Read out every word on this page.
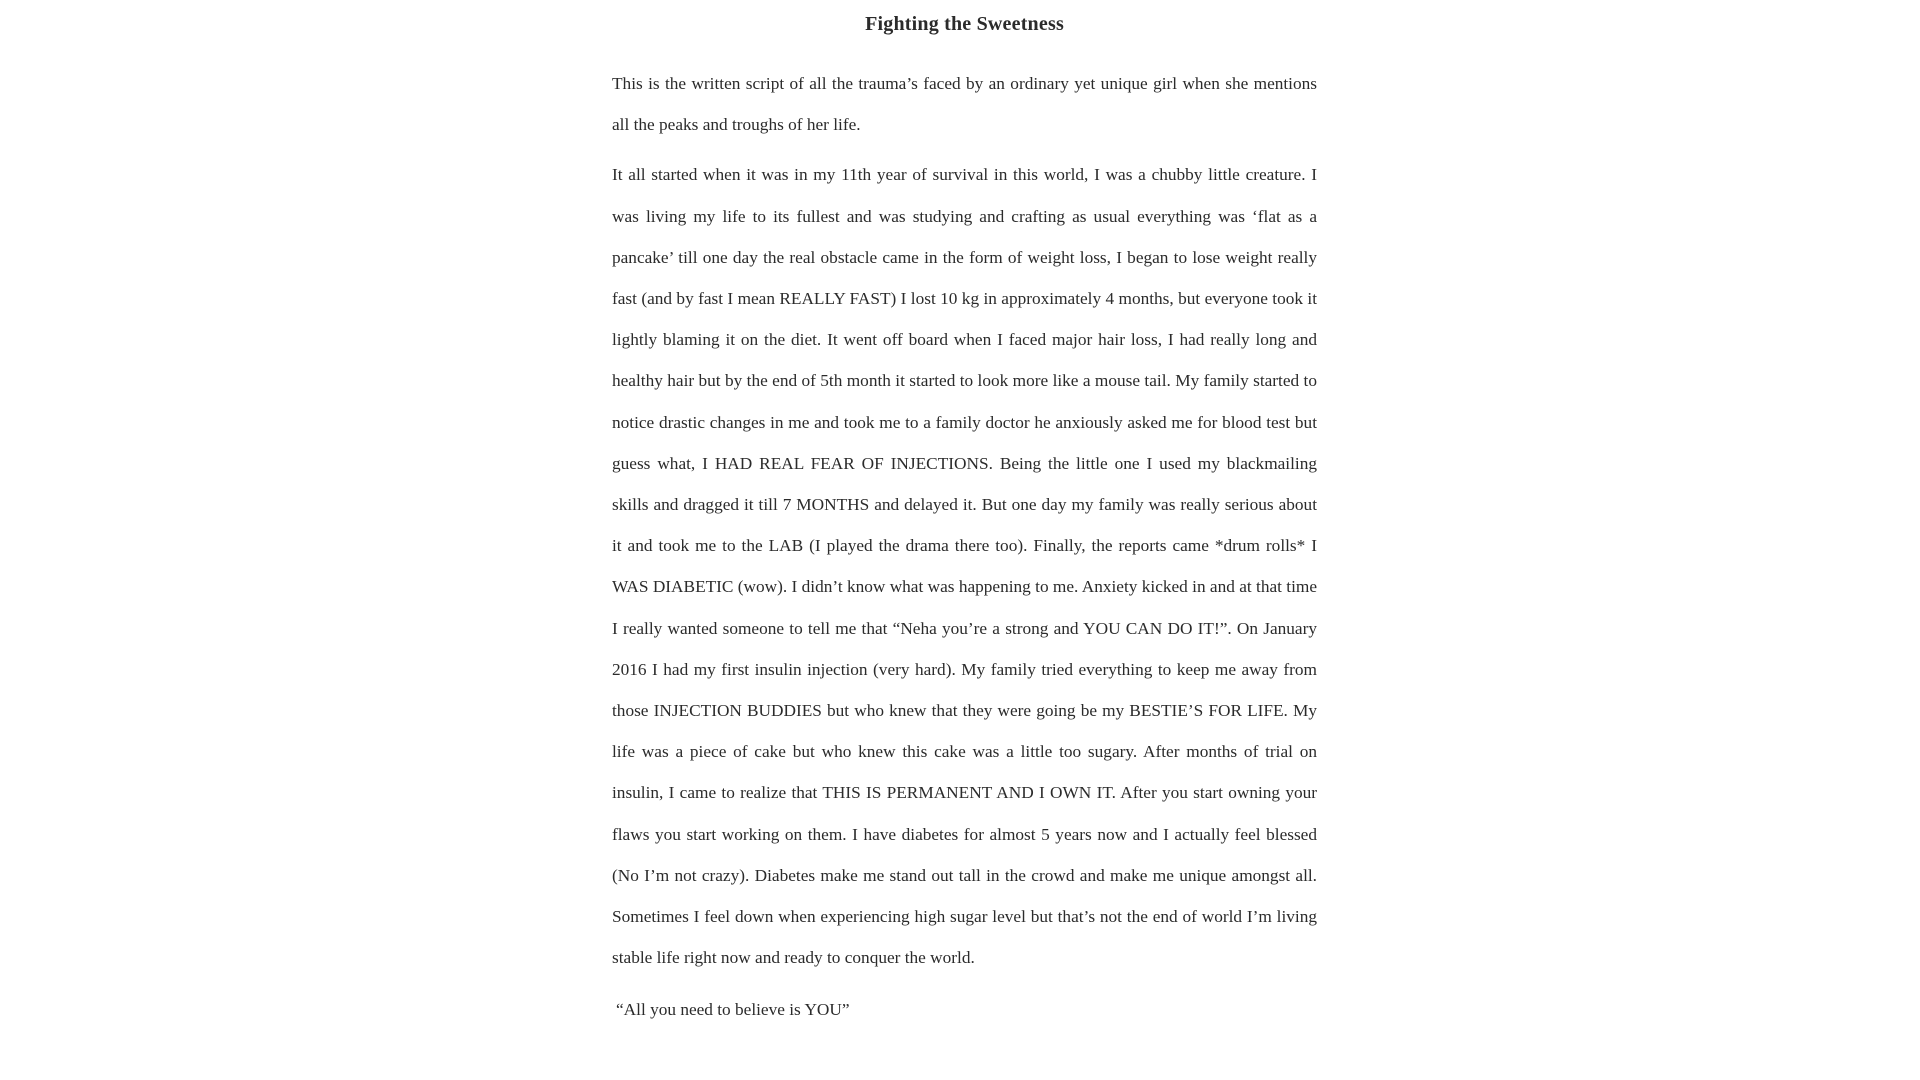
Fighting the Sweetness

This is the written script of all the trauma’s faced by an ordinary yet unique girl when she mentions all the peaks and troughs of her life.

It all started when it was in my 11th year of survival in this world, I was a chubby little creature. I was living my life to its fullest and was studying and crafting as usual everything was ‘flat as a pancake’ till one day the real obstacle came in the form of weight loss, I began to lose weight really fast (and by fast I mean REALLY FAST) I lost 10 kg in approximately 4 months, but everyone took it lightly blaming it on the diet. It went off board when I faced major hair loss, I had really long and healthy hair but by the end of 5th month it started to look more like a mouse tail. My family started to notice drastic changes in me and took me to a family doctor he anxiously asked me for blood test but guess what, I HAD REAL FEAR OF INJECTIONS. Being the little one I used my blackmailing skills and dragged it till 7 MONTHS and delayed it. But one day my family was really serious about it and took me to the LAB (I played the drama there too). Finally, the reports came *drum rolls* I WAS DIABETIC (wow). I didn’t know what was happening to me. Anxiety kicked in and at that time I really wanted someone to tell me that “Neha you’re a strong and YOU CAN DO IT!”. On January 2016 I had my first insulin injection (very hard). My family tried everything to keep me away from those INJECTION BUDDIES but who knew that they were going be my BESTIE’S FOR LIFE. My life was a piece of cake but who knew this cake was a little too sugary. After months of trial on insulin, I came to realize that THIS IS PERMANENT AND I OWN IT. After you start owning your flaws you start working on them. I have diabetes for almost 5 years now and I actually feel blessed (No I’m not crazy). Diabetes make me stand out tall in the crowd and make me unique amongst all. Sometimes I feel down when experiencing high sugar level but that’s not the end of world I’m living stable life right now and ready to conquer the world.

“All you need to believe is YOU”
